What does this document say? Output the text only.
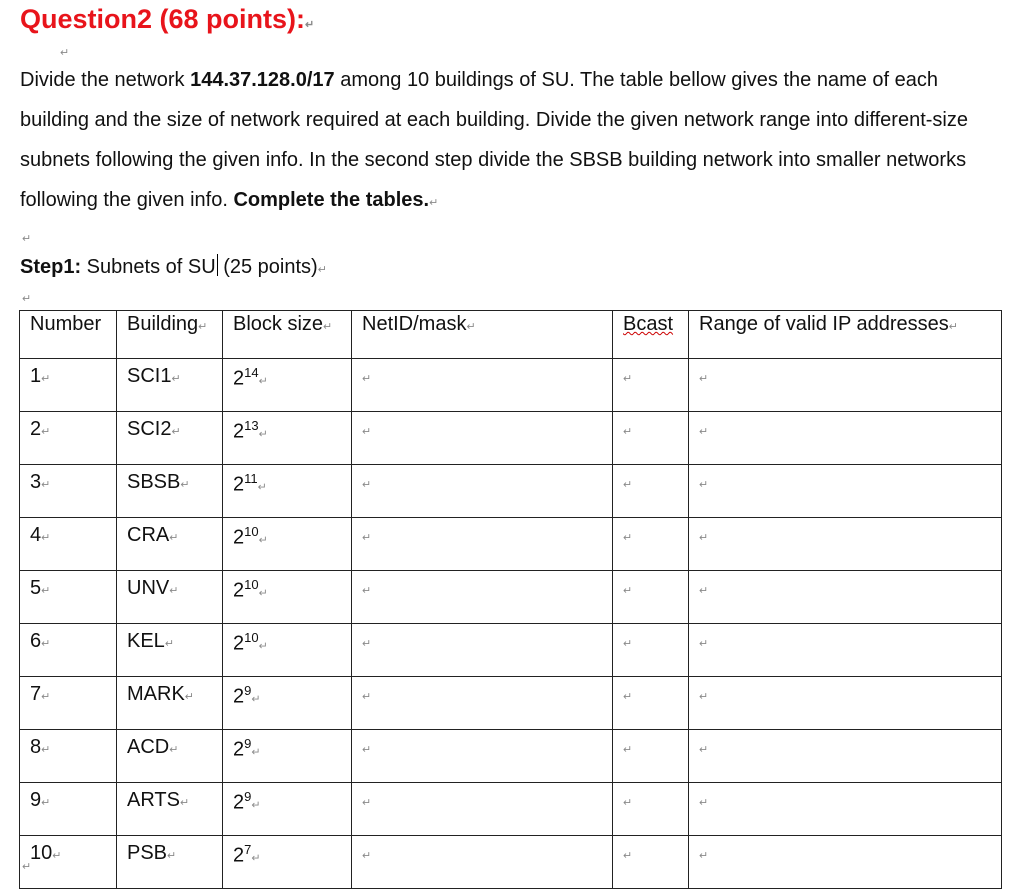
Question2 (68 points):↵
↵
Divide the network 144.37.128.0/17 among 10 buildings of SU. The table bellow gives the name of each building and the size of network required at each building. Divide the given network range into different-size subnets following the given info. In the second step divide the SBSB building network into smaller networks following the given info. Complete the tables.↵
↵
Step1: Subnets of SU (25 points)↵
↵
Number	Building↵	Block size↵	NetID/mask↵	Bcast	Range of valid IP addresses↵
1↵	SCI1↵	$2^{14}↵$	↵	↵	↵
2↵	SCI2↵	$2^{13}↵$	↵	↵	↵
3↵	SBSB↵	$2^{11}↵$	↵	↵	↵
4↵	CRA↵	$2^{10}↵$	↵	↵	↵
5↵	UNV↵	$2^{10}↵$	↵	↵	↵
6↵	KEL↵	$2^{10}↵$	↵	↵	↵
7↵	MARK↵	$2^9↵$	↵	↵	↵
8↵	ACD↵	$2^9↵$	↵	↵	↵
9↵	ARTS↵	$2^9↵$	↵	↵	↵
10↵	PSB↵	$2^7↵$	↵	↵	↵
↵
